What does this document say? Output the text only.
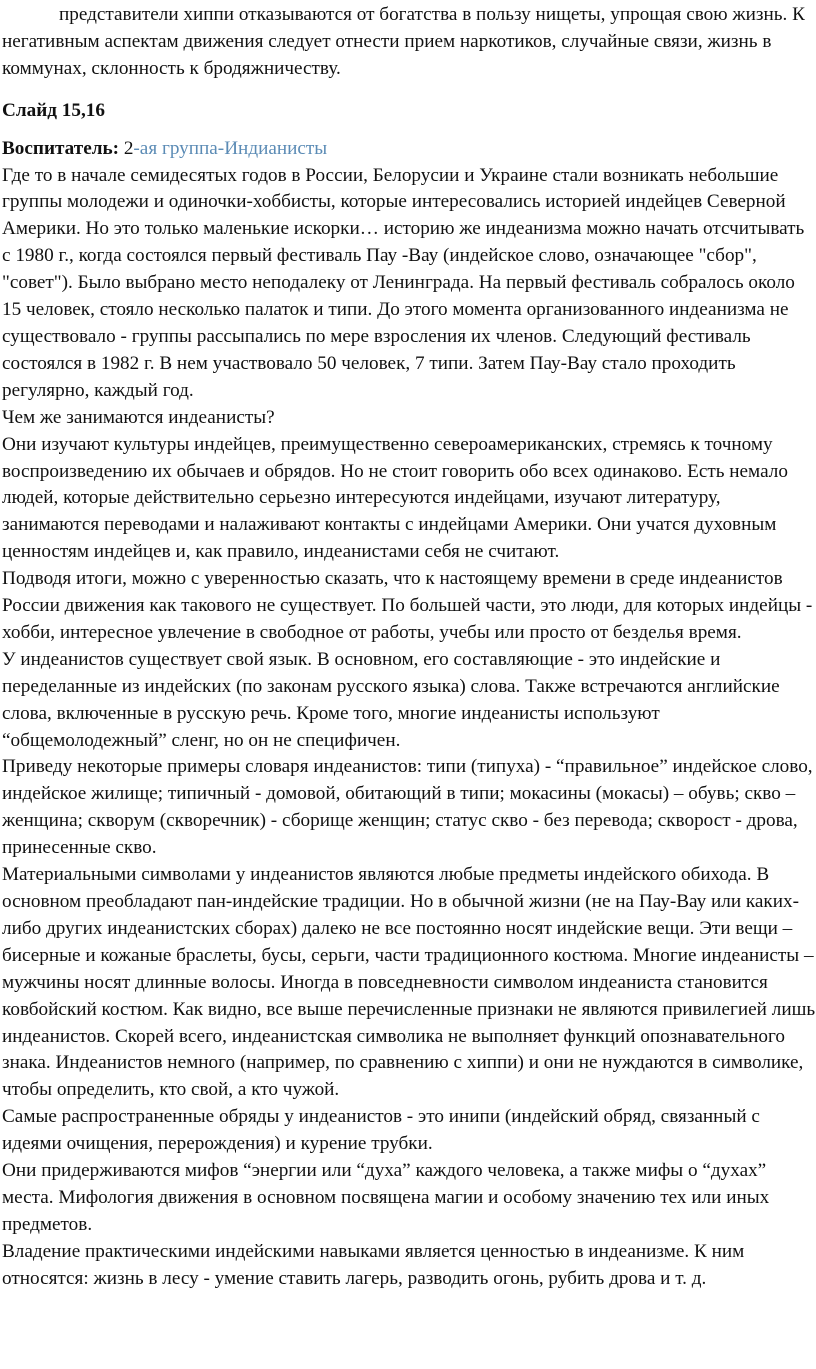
представители хиппи отказываются от богатства в пользу нищеты, упрощая свою жизнь. К негативным аспектам движения следует отнести прием наркотиков, случайные связи, жизнь в коммунах, склонность к бродяжничеству.

Слайд 15,16

Воспитатель: 2-ая группа-Индианисты

Где то в начале семидесятых годов в России, Белорусии и Украине стали возникать небольшие группы молодежи и одиночки-хоббисты, которые интересовались историей индейцев Северной Америки. Но это только маленькие искорки… историю же индеанизма можно начать отсчитывать с 1980 г., когда состоялся первый фестиваль Пау -Вау (индейское слово, означающее "сбор", "совет"). Было выбрано место неподалеку от Ленинграда. На первый фестиваль собралось около 15 человек, стояло несколько палаток и типи. До этого момента организованного индеанизма не существовало - группы рассыпались по мере взросления их членов. Следующий фестиваль состоялся в 1982 г. В нем участвовало 50 человек, 7 типи. Затем Пау-Вау стало проходить регулярно, каждый год.

Чем же занимаются индеанисты?

Они изучают культуры индейцев, преимущественно североамериканских, стремясь к точному воспроизведению их обычаев и обрядов. Но не стоит говорить обо всех одинаково. Есть немало людей, которые действительно серьезно интересуются индейцами, изучают литературу, занимаются переводами и налаживают контакты с индейцами Америки. Они учатся духовным ценностям индейцев и, как правило, индеанистами себя не считают.

Подводя итоги, можно с уверенностью сказать, что к настоящему времени в среде индеанистов России движения как такового не существует. По большей части, это люди, для которых индейцы - хобби, интересное увлечение в свободное от работы, учебы или просто от безделья время.

У индеанистов существует свой язык. В основном, его составляющие - это индейские и переделанные из индейских (по законам русского языка) слова. Также встречаются английские слова, включенные в русскую речь. Кроме того, многие индеанисты используют “общемолодежный” сленг, но он не специфичен.

Приведу некоторые примеры словаря индеанистов: типи (типуха) - “правильное” индейское слово, индейское жилище; типичный - домовой, обитающий в типи; мокасины (мокасы) – обувь; скво – женщина; скворум (скворечник) - сборище женщин; статус скво - без перевода; скворост - дрова, принесенные скво.

Материальными символами у индеанистов являются любые предметы индейского обихода. В основном преобладают пан-индейские традиции. Но в обычной жизни (не на Пау-Вау или каких-либо других индеанистских сборах) далеко не все постоянно носят индейские вещи. Эти вещи – бисерные и кожаные браслеты, бусы, серьги, части традиционного костюма. Многие индеанисты – мужчины носят длинные волосы. Иногда в повседневности символом индеаниста становится ковбойский костюм. Как видно, все выше перечисленные признаки не являются привилегией лишь индеанистов. Скорей всего, индеанистская символика не выполняет функций опознавательного знака. Индеанистов немного (например, по сравнению с хиппи) и они не нуждаются в символике, чтобы определить, кто свой, а кто чужой.

Самые распространенные обряды у индеанистов - это инипи (индейский обряд, связанный с идеями очищения, перерождения) и курение трубки.

Они придерживаются мифов “энергии или “духа” каждого человека, а также мифы о “духах” места. Мифология движения в основном посвящена магии и особому значению тех или иных предметов.

Владение практическими индейскими навыками является ценностью в индеанизме. К ним относятся: жизнь в лесу - умение ставить лагерь, разводить огонь, рубить дрова и т. д.
